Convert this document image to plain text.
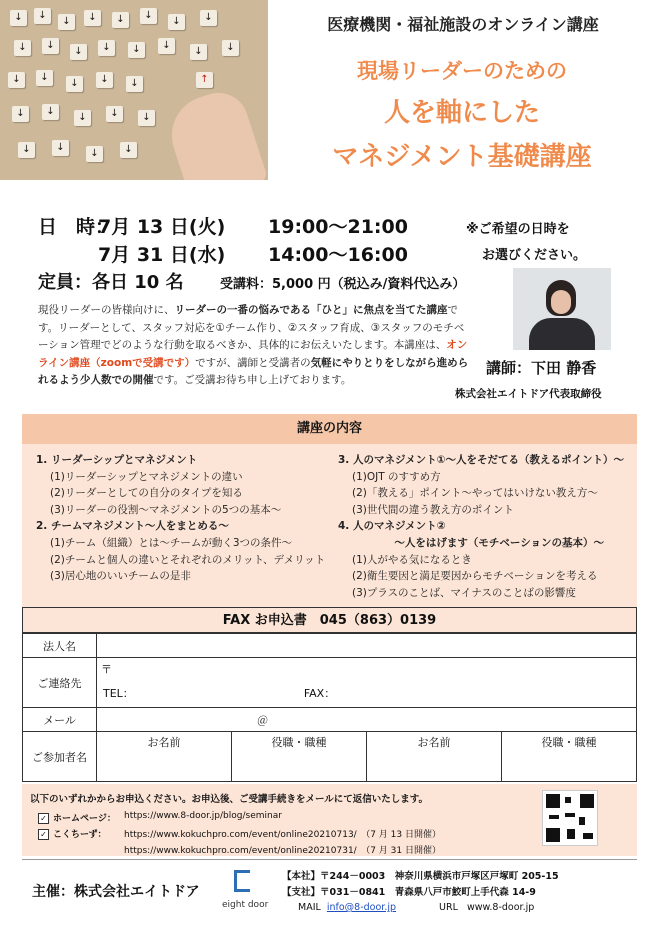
↓	↓
↓	↓	↓	↓
↓	↓
↓	↓
↓	↓	↓	↓
↓	↓
↓	↓
↓	↓	↓	↑
↓	↓
↓	↓	↓
↓	↓
↓	↓
医療機関・福祉施設のオンライン講座
現場リーダーのための
人を軸にした
マネジメント基礎講座
日　時：
7月 13 日(火) 19:00～21:00
7月 31 日(水) 14:00～16:00
※ご希望の日時を
お選びください。
定員：各日 10 名	受講料：5,000 円（税込み/資料代込み）
現役リーダーの皆様向けに、リーダーの一番の悩みである「ひと」に焦点を当てた講座です。リーダーとして、スタッフ対応を①チーム作り、②スタッフ育成、③スタッフのモチベーション管理でどのような行動を取るべきか、具体的にお伝えいたします。本講座は、オンライン講座（zoomで受講です）ですが、講師と受講者の気軽にやりとりをしながら進められるよう少人数での開催です。ご受講お待ち申し上げております。
講師：下田 静香
株式会社エイトドア代表取締役
講座の内容
1. リーダーシップとマネジメント
(1)リーダーシップとマネジメントの違い
(2)リーダーとしての自分のタイプを知る
(3)リーダーの役割～マネジメントの5つの基本～
2. チームマネジメント～人をまとめる～
(1)チーム（組織）とは～チームが動く3つの条件～
(2)チームと個人の違いとそれぞれのメリット、デメリット
(3)居心地のいいチームの是非
3. 人のマネジメント①～人をそだてる（教えるポイント）～
(1)OJT のすすめ方
(2)「教える」ポイント～やってはいけない教え方～
(3)世代間の違う教え方のポイント
4. 人のマネジメント②
～人をはげます（モチベーションの基本）～
(1)人がやる気になるとき
(2)衛生要因と満足要因からモチベーションを考える
(3)プラスのことば、マイナスのことばの影響度
FAX お申込書　045（863）0139
法人名				
ご連絡先	〒
TEL： FAX：			

メール	＠			
ご参加者名	お名前	役職・職種	お名前	役職・職種

以下のいずれかからお申込ください。お申込後、ご受講手続きをメールにて返信いたします。
✓ ホームページ： https://www.8-door.jp/blog/seminar
✓ こくちーず： https://www.kokuchpro.com/event/online20210713/　（7 月 13 日開催）
https://www.kokuchpro.com/event/online20210731/　（7 月 31 日開催）
主催：株式会社エイトドア
eight door
【本社】〒244－0003　神奈川県横浜市戸塚区戸塚町 205-15
【支社】〒031－0841　青森県八戸市鮫町上手代森 14-9
MAIL info@8-door.jp	URL www.8-door.jp
